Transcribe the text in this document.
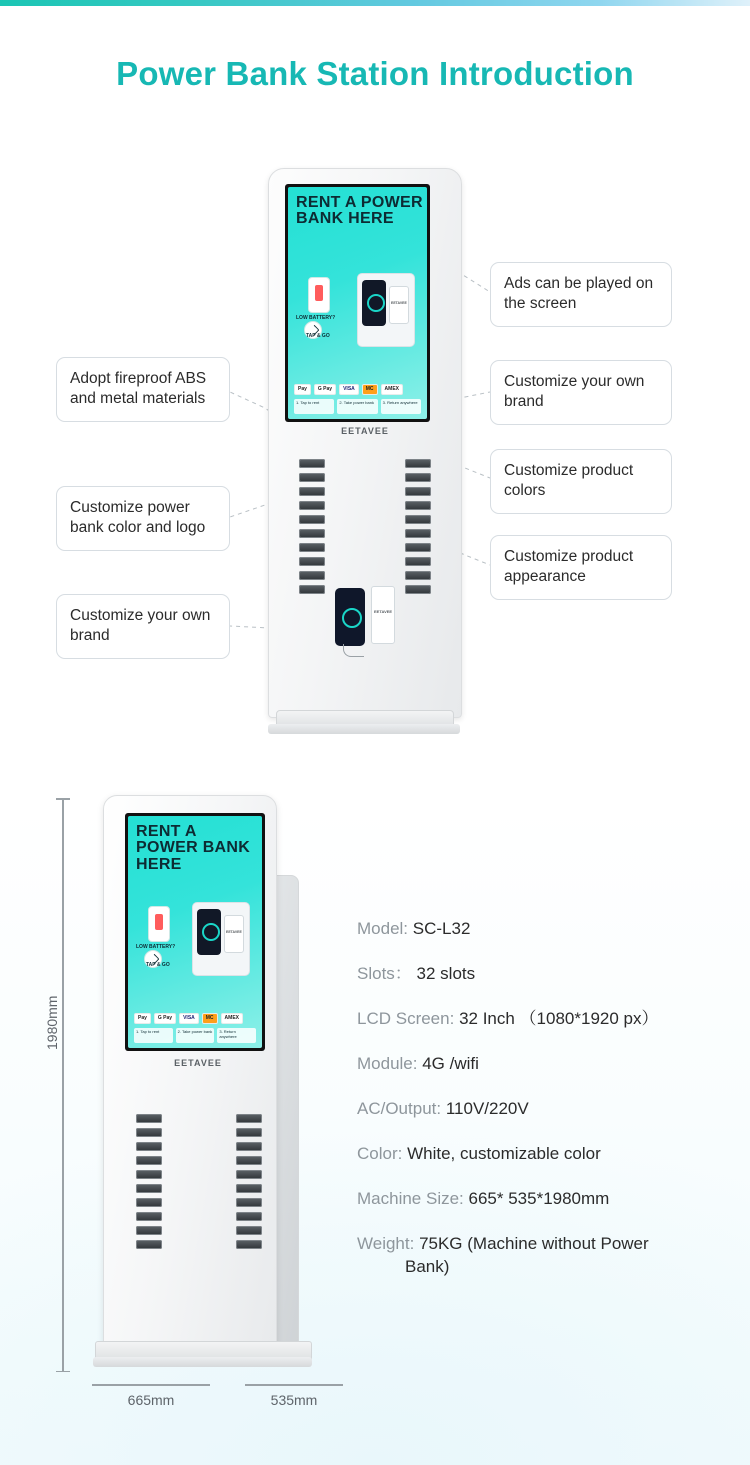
Power Bank Station Introduction
RENT A POWER BANK HERE
LOW BATTERY?
TAP & GO
EETAVEE
Pay	G Pay	VISA	MC	AMEX
1. Tap to rent	2. Take power bank	3. Return anywhere
EETAVEE
EETAVEE
Ads can be played on the screen
Customize your own brand
Customize product colors
Customize product appearance
Adopt fireproof ABS and metal materials
Customize power bank color and logo
Customize your own brand
RENT A POWER BANK HERE
LOW BATTERY?
TAP & GO
EETAVEE
Pay	G Pay	VISA	MC	AMEX
1. Tap to rent	2. Take power bank	3. Return anywhere
EETAVEE
1980mm
665mm	535mm
Model: SC-L32
Slots： 32 slots
LCD Screen: 32 Inch （1080*1920 px）
Module: 4G /wifi
AC/Output: 110V/220V
Color: White, customizable color
Machine Size: 665* 535*1980mm
Weight: 75KG (Machine without Power
Bank)
